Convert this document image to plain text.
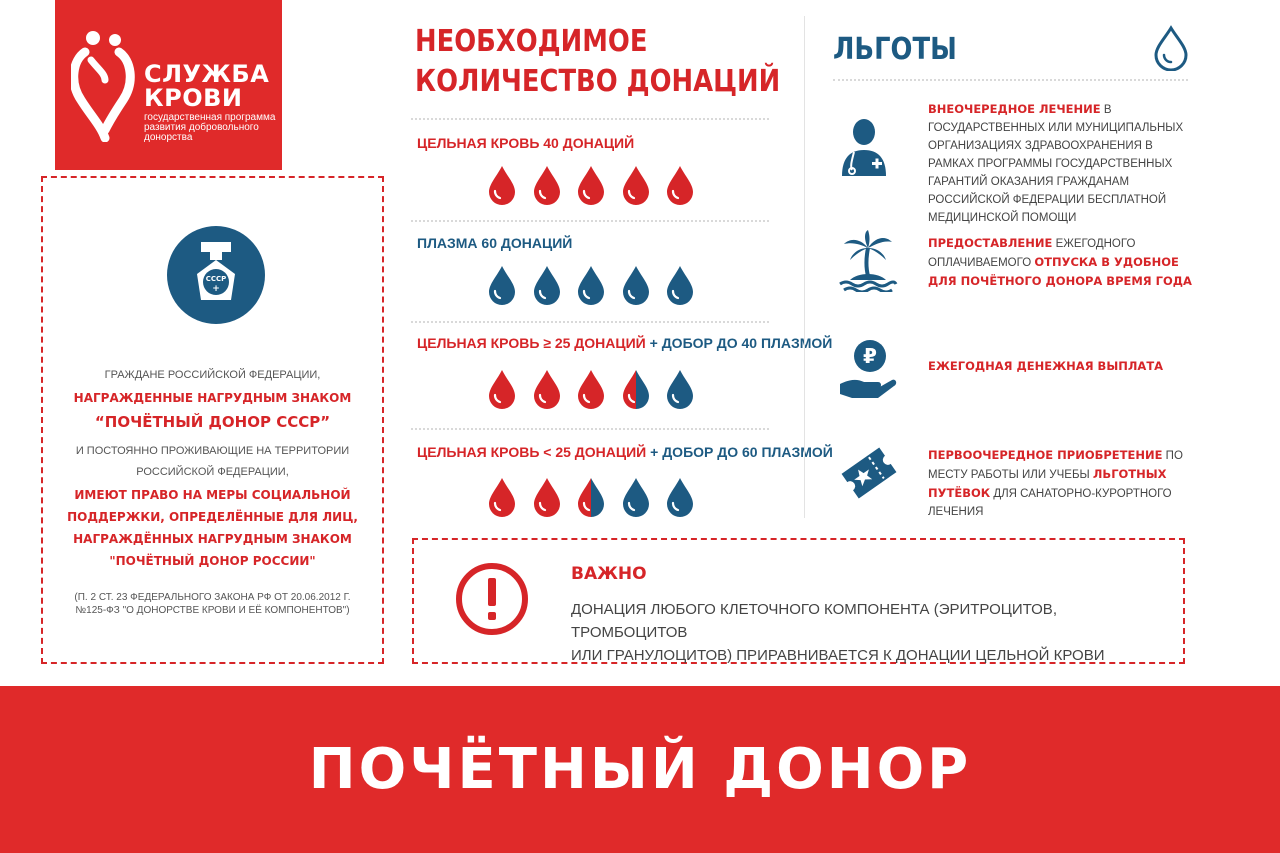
СЛУЖБА
КРОВИ
государственная программа развития добровольного донорства
СССР
+
ГРАЖДАНЕ РОССИЙСКОЙ ФЕДЕРАЦИИ,
НАГРАЖДЕННЫЕ НАГРУДНЫМ ЗНАКОМ
“ПОЧЁТНЫЙ ДОНОР СССР”
И ПОСТОЯННО ПРОЖИВАЮЩИЕ НА ТЕРРИТОРИИ
РОССИЙСКОЙ ФЕДЕРАЦИИ,
ИМЕЮТ ПРАВО НА МЕРЫ СОЦИАЛЬНОЙ
ПОДДЕРЖКИ, ОПРЕДЕЛЁННЫЕ ДЛЯ ЛИЦ,
НАГРАЖДЁННЫХ НАГРУДНЫМ ЗНАКОМ
"ПОЧЁТНЫЙ ДОНОР РОССИИ"
(П. 2 СТ. 23 ФЕДЕРАЛЬНОГО ЗАКОНА РФ ОТ 20.06.2012 Г.
№125-ФЗ "О ДОНОРСТВЕ КРОВИ И ЕЁ КОМПОНЕНТОВ")
НЕОБХОДИМОЕ
КОЛИЧЕСТВО ДОНАЦИЙ
ЦЕЛЬНАЯ КРОВЬ 40 ДОНАЦИЙ
ПЛАЗМА 60 ДОНАЦИЙ
ЦЕЛЬНАЯ КРОВЬ ≥ 25 ДОНАЦИЙ + ДОБОР ДО 40 ПЛАЗМОЙ
ЦЕЛЬНАЯ КРОВЬ < 25 ДОНАЦИЙ + ДОБОР ДО 60 ПЛАЗМОЙ
ЛЬГОТЫ
ВНЕОЧЕРЕДНОЕ ЛЕЧЕНИЕ В ГОСУДАРСТВЕННЫХ ИЛИ МУНИЦИПАЛЬНЫХ ОРГАНИЗАЦИЯХ ЗДРАВООХРАНЕНИЯ В РАМКАХ ПРОГРАММЫ ГОСУДАРСТВЕННЫХ ГАРАНТИЙ ОКАЗАНИЯ ГРАЖДАНАМ РОССИЙСКОЙ ФЕДЕРАЦИИ БЕСПЛАТНОЙ МЕДИЦИНСКОЙ ПОМОЩИ
ПРЕДОСТАВЛЕНИЕ ЕЖЕГОДНОГО ОПЛАЧИВАЕМОГО ОТПУСКА В УДОБНОЕ ДЛЯ ПОЧЁТНОГО ДОНОРА ВРЕМЯ ГОДА
₽	ЕЖЕГОДНАЯ ДЕНЕЖНАЯ ВЫПЛАТА
ПЕРВООЧЕРЕДНОЕ ПРИОБРЕТЕНИЕ ПО МЕСТУ РАБОТЫ ИЛИ УЧЕБЫ ЛЬГОТНЫХ ПУТЁВОК ДЛЯ САНАТОРНО-КУРОРТНОГО ЛЕЧЕНИЯ
ВАЖНО
ДОНАЦИЯ ЛЮБОГО КЛЕТОЧНОГО КОМПОНЕНТА (ЭРИТРОЦИТОВ, ТРОМБОЦИТОВ
ИЛИ ГРАНУЛОЦИТОВ) ПРИРАВНИВАЕТСЯ К ДОНАЦИИ ЦЕЛЬНОЙ КРОВИ
ПОЧЁТНЫЙ ДОНОР
